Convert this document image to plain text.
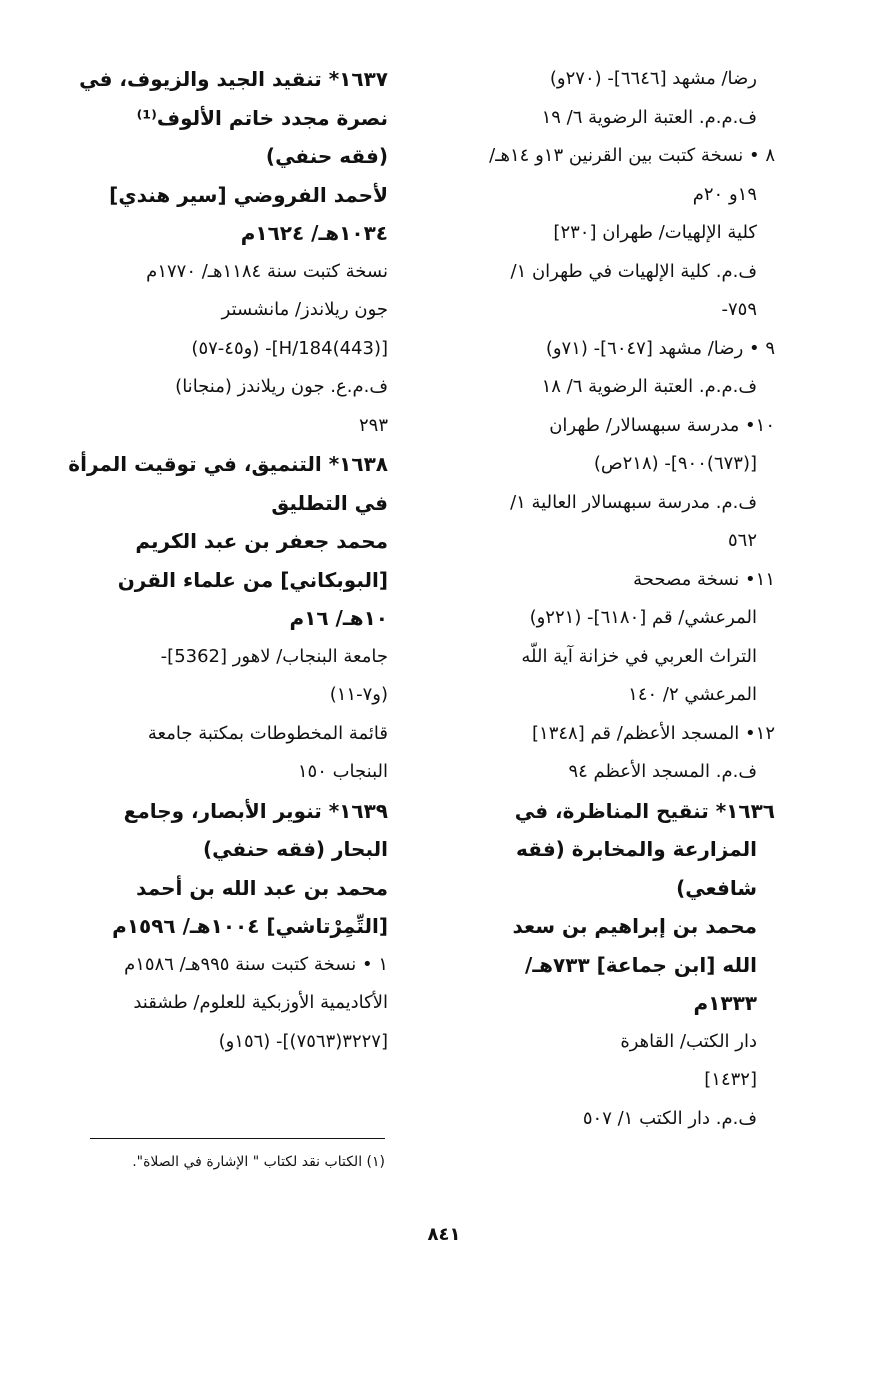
رضا/ مشهد [٦٦٤٦]- (٢٧٠و)
ف.م.م. العتبة الرضوية ٦/ ١٩
٨ • نسخة كتبت بين القرنين ١٣و ١٤هـ/
١٩و ٢٠م
كلية الإلهيات/ طهران [٢٣٠]
ف.م. كلية الإلهيات في طهران ١/
٧٥٩-
٩ • رضا/ مشهد [٦٠٤٧]- (٧١و)
ف.م.م. العتبة الرضوية ٦/ ١٨
١٠• مدرسة سبهسالار/ طهران
[(٦٧٣)٩٠٠]- (٢١٨ص)
ف.م. مدرسة سبهسالار العالية ١/
٥٦٢
١١• نسخة مصححة
المرعشي/ قم [٦١٨٠]- (٢٢١و)
التراث العربي في خزانة آية اللّه
المرعشي ٢/ ١٤٠
١٢• المسجد الأعظم/ قم [١٣٤٨]
ف.م. المسجد الأعظم ٩٤
١٦٣٦* تنقيح المناظرة، في
المزارعة والمخابرة (فقه
شافعي)
محمد بن إبراهيم بن سعد
الله [ابن جماعة] ٧٣٣هـ/
١٣٣٣م
دار الكتب/ القاهرة
[١٤٣٢]
ف.م. دار الكتب ١/ ٥٠٧
١٦٣٧* تنقيد الجيد والزيوف، في
نصرة مجدد خاتم الألوف⁽¹⁾
(فقه حنفي)
لأحمد الفروضي [سير هندي]
١٠٣٤هـ/ ١٦٢٤م
نسخة كتبت سنة ١١٨٤هـ/ ١٧٧٠م
جون ريلاندز/ مانشستر
[H/184(443)]- (و٤٥-٥٧)
ف.م.ع. جون ريلاندز (منجانا)
٢٩٣
١٦٣٨* التنميق، في توقيت المرأة
في التطليق
محمد جعفر بن عبد الكريم
[البوبكاني] من علماء القرن
١٠هـ/ ١٦م
جامعة البنجاب/ لاهور [5362]-
(و٧-١١)
قائمة المخطوطات بمكتبة جامعة
البنجاب ١٥٠
١٦٣٩* تنوير الأبصار، وجامع
البحار (فقه حنفي)
محمد بن عبد الله بن أحمد
[التِّمِرْتاشي] ١٠٠٤هـ/ ١٥٩٦م
١ • نسخة كتبت سنة ٩٩٥هـ/ ١٥٨٦م
الأكاديمية الأوزبكية للعلوم/ طشقند
[٣٢٢٧(٧٥٦٣)]- (١٥٦و)
(١) الكتاب نقد لكتاب " الإشارة في الصلاة".
٨٤١
